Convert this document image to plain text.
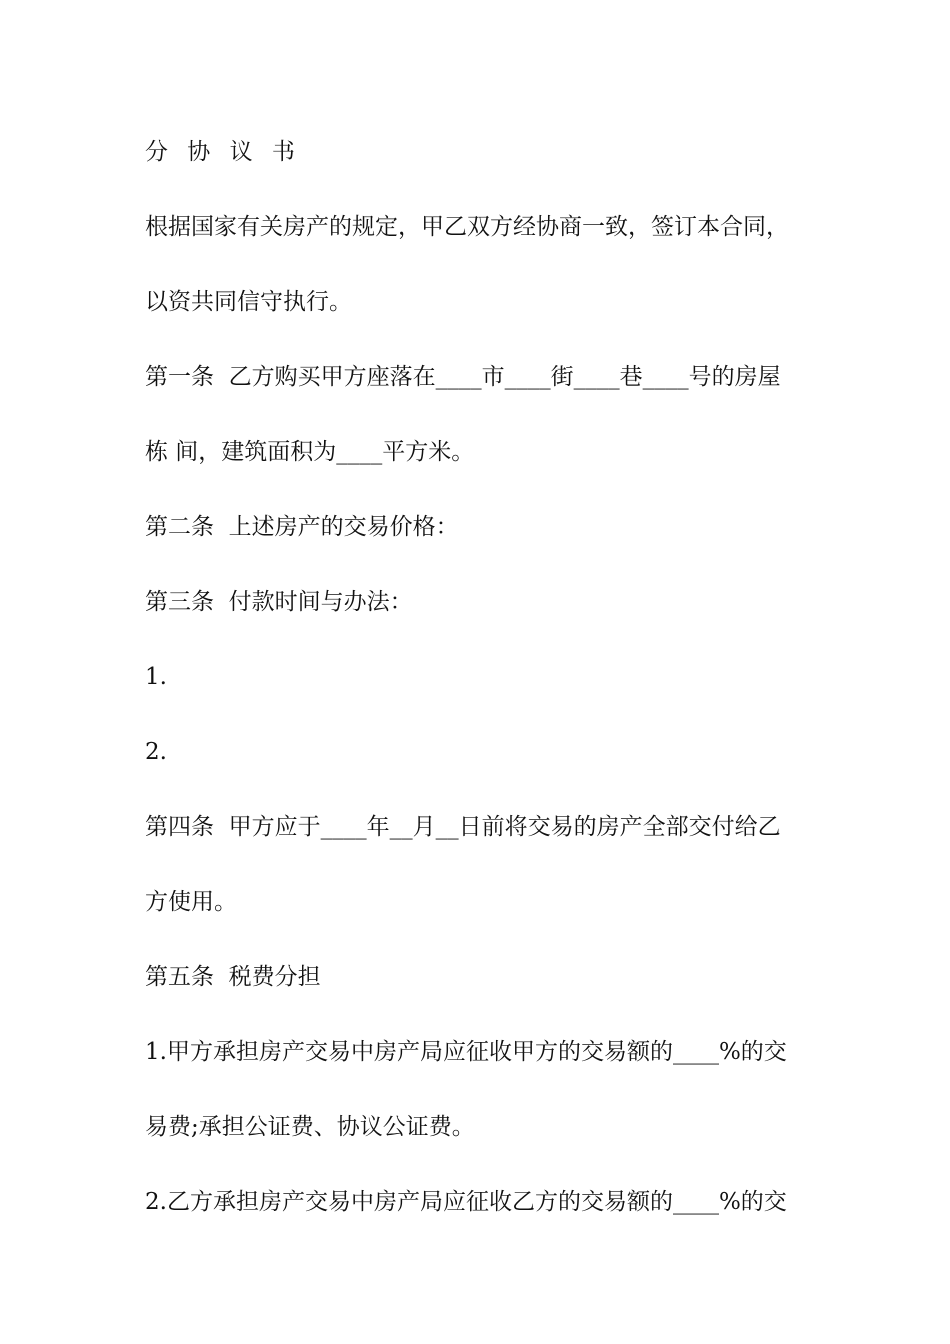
分 协 议 书
根据国家有关房产的规定，甲乙双方经协商一致，签订本合同，
以资共同信守执行。
第一条  乙方购买甲方座落在____市____街____巷____号的房屋
栋 间，建筑面积为____平方米。
第二条  上述房产的交易价格：
第三条  付款时间与办法：
1.
2.
第四条  甲方应于____年__月__日前将交易的房产全部交付给乙
方使用。
第五条  税费分担
1.甲方承担房产交易中房产局应征收甲方的交易额的____%的交
易费;承担公证费、协议公证费。
2.乙方承担房产交易中房产局应征收乙方的交易额的____%的交
